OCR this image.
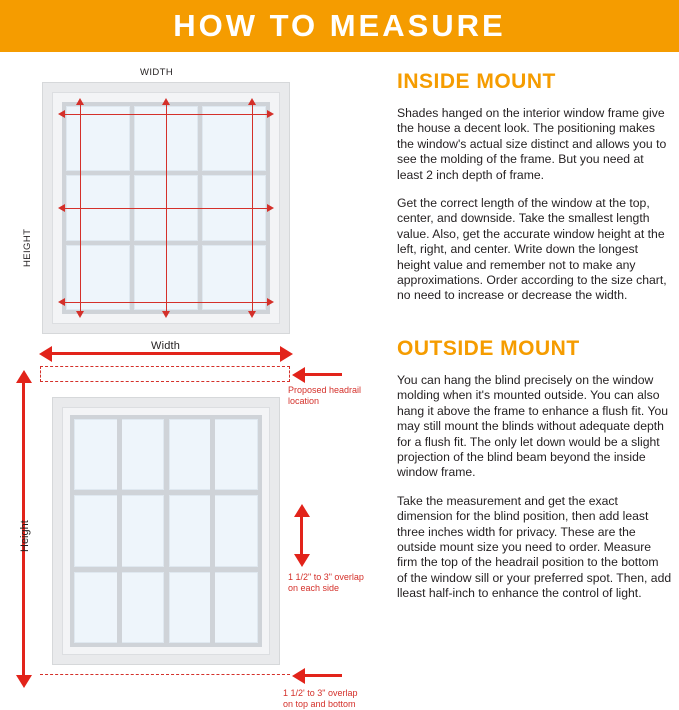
HOW TO MEASURE
WIDTH
HEIGHT
Width
Height
Proposed headrail
location
1 1/2" to 3" overlap
on each side
1 1/2' to 3" overlap
on top and bottom
INSIDE MOUNT

Shades hanged on the interior window frame give the house a decent look. The positioning makes the window's actual size distinct and allows you to see the molding of the frame. But you need at least 2 inch depth of frame.

Get the correct length of the window at the top, center, and downside. Take the smallest length value. Also, get the accurate window height at the left, right, and center. Write down the longest height value and remember not to make any approximations. Order according to the size chart, no need to increase or decrease the width.

OUTSIDE MOUNT

You can hang the blind precisely on the window molding when it's mounted outside. You can also hang it above the frame to enhance a flush fit. You may still mount the blinds without adequate depth for a flush fit. The only let down would be a slight projection of the blind beam beyond the inside window frame.

Take the measurement and get the exact dimension for the blind position, then add least three inches width for privacy. These are the outside mount size you need to order. Measure firm the top of the headrail position to the bottom of the window sill or your preferred spot. Then, add lleast half-inch to enhance the control of light.
